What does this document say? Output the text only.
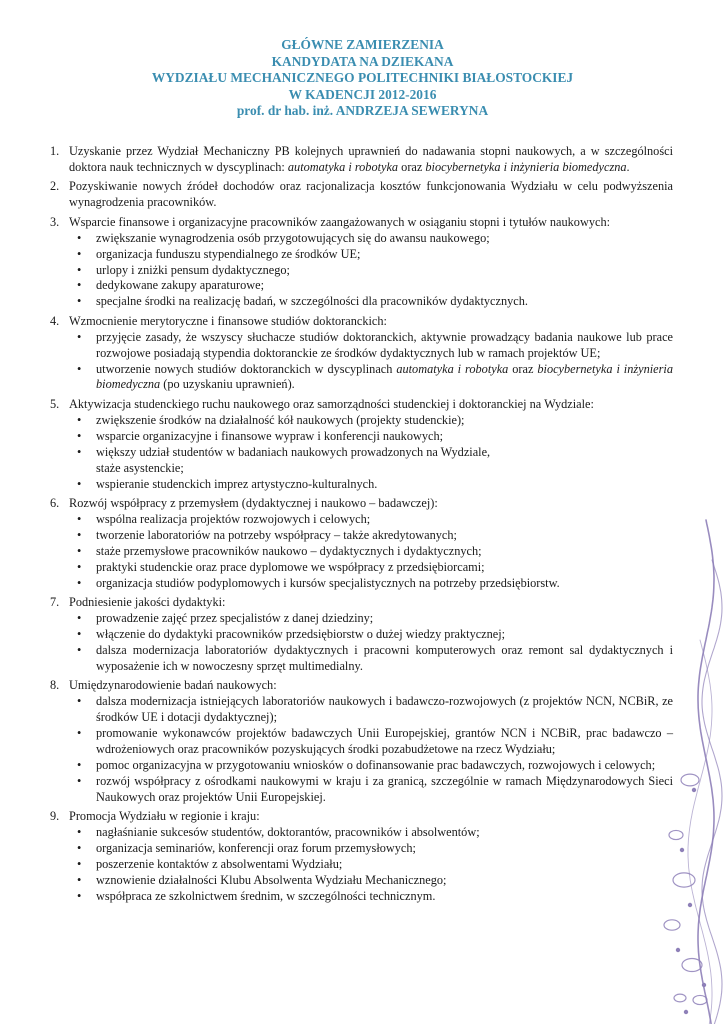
GŁÓWNE ZAMIERZENIA
KANDYDATA NA DZIEKANA
WYDZIAŁU MECHANICZNEGO POLITECHNIKI BIAŁOSTOCKIEJ
W KADENCJI 2012-2016
prof. dr hab. inż. ANDRZEJA SEWERYNA
1. Uzyskanie przez Wydział Mechaniczny PB kolejnych uprawnień do nadawania stopni naukowych, a w szczególności doktora nauk technicznych w dyscyplinach: automatyka i robotyka oraz biocybernetyka i inżynieria biomedyczna.
2. Pozyskiwanie nowych źródeł dochodów oraz racjonalizacja kosztów funkcjonowania Wydziału w celu podwyższenia wynagrodzenia pracowników.
3. Wsparcie finansowe i organizacyjne pracowników zaangażowanych w osiąganiu stopni i tytułów naukowych:
• zwiększanie wynagrodzenia osób przygotowujących się do awansu naukowego;
• organizacja funduszu stypendialnego ze środków UE;
• urlopy i zniżki pensum dydaktycznego;
• dedykowane zakupy aparaturowe;
• specjalne środki na realizację badań, w szczególności dla pracowników dydaktycznych.
4. Wzmocnienie merytoryczne i finansowe studiów doktoranckich:
• przyjęcie zasady, że wszyscy słuchacze studiów doktoranckich, aktywnie prowadzący badania naukowe lub prace rozwojowe posiadają stypendia doktoranckie ze środków dydaktycznych lub w ramach projektów UE;
• utworzenie nowych studiów doktoranckich w dyscyplinach automatyka i robotyka oraz biocybernetyka i inżynieria biomedyczna (po uzyskaniu uprawnień).
5. Aktywizacja studenckiego ruchu naukowego oraz samorządności studenckiej i doktoranckiej na Wydziale:
• zwiększenie środków na działalność kół naukowych (projekty studenckie);
• wsparcie organizacyjne i finansowe wypraw i konferencji naukowych;
• większy udział studentów w badaniach naukowych prowadzonych na Wydziale,
staże asystenckie;
• wspieranie studenckich imprez artystyczno-kulturalnych.
6. Rozwój współpracy z przemysłem (dydaktycznej i naukowo – badawczej):
• wspólna realizacja projektów rozwojowych i celowych;
• tworzenie laboratoriów na potrzeby współpracy – także akredytowanych;
• staże przemysłowe pracowników naukowo – dydaktycznych i dydaktycznych;
• praktyki studenckie oraz prace dyplomowe we współpracy z przedsiębiorcami;
• organizacja studiów podyplomowych i kursów specjalistycznych na potrzeby przedsiębiorstw.
7. Podniesienie jakości dydaktyki:
• prowadzenie zajęć przez specjalistów z danej dziedziny;
• włączenie do dydaktyki pracowników przedsiębiorstw o dużej wiedzy praktycznej;
• dalsza modernizacja laboratoriów dydaktycznych i pracowni komputerowych oraz remont sal dydaktycznych i wyposażenie ich w nowoczesny sprzęt multimedialny.
8. Umiędzynarodowienie badań naukowych:
• dalsza modernizacja istniejących laboratoriów naukowych i badawczo-rozwojowych (z projektów NCN, NCBiR, ze środków UE i dotacji dydaktycznej);
• promowanie wykonawców projektów badawczych Unii Europejskiej, grantów NCN i NCBiR, prac badawczo – wdrożeniowych oraz pracowników pozyskujących środki pozabudżetowe na rzecz Wydziału;
• pomoc organizacyjna w przygotowaniu wniosków o dofinansowanie prac badawczych, rozwojowych i celowych;
• rozwój współpracy z ośrodkami naukowymi w kraju i za granicą, szczególnie w ramach Międzynarodowych Sieci Naukowych oraz projektów Unii Europejskiej.
9. Promocja Wydziału w regionie i kraju:
• nagłaśnianie sukcesów studentów, doktorantów, pracowników i absolwentów;
• organizacja seminariów, konferencji oraz forum przemysłowych;
• poszerzenie kontaktów z absolwentami Wydziału;
• wznowienie działalności Klubu Absolwenta Wydziału Mechanicznego;
• współpraca ze szkolnictwem średnim, w szczególności technicznym.
